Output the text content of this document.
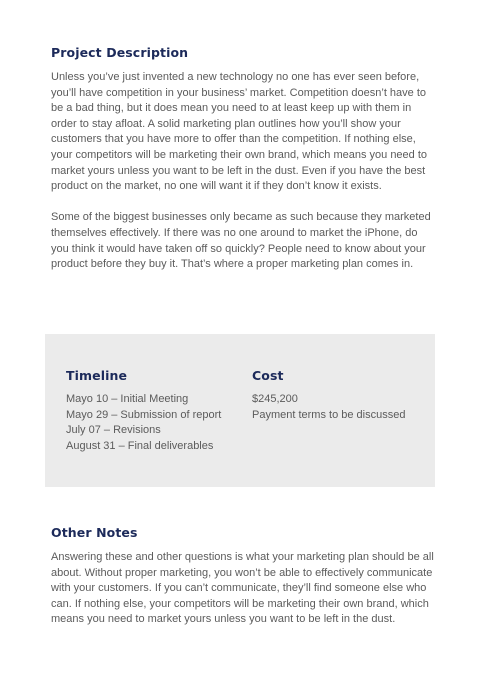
Project Description

Unless you’ve just invented a new technology no one has ever seen before, you’ll have competition in your business’ market. Competition doesn’t have to be a bad thing, but it does mean you need to at least keep up with them in order to stay afloat. A solid marketing plan outlines how you’ll show your customers that you have more to offer than the competition. If nothing else, your competitors will be marketing their own brand, which means you need to market yours unless you want to be left in the dust. Even if you have the best product on the market, no one will want it if they don’t know it exists.

Some of the biggest businesses only became as such because they marketed themselves effectively. If there was no one around to market the iPhone, do you think it would have taken off so quickly? People need to know about your product before they buy it. That’s where a proper marketing plan comes in.

Timeline
Mayo 10 – Initial Meeting
Mayo 29 – Submission of report
July 07 – Revisions
August 31 – Final deliverables
Cost
$245,200
Payment terms to be discussed
Other Notes

Answering these and other questions is what your marketing plan should be all about. Without proper marketing, you won’t be able to effectively communicate with your customers. If you can’t communicate, they’ll find someone else who can. If nothing else, your competitors will be marketing their own brand, which means you need to market yours unless you want to be left in the dust.
